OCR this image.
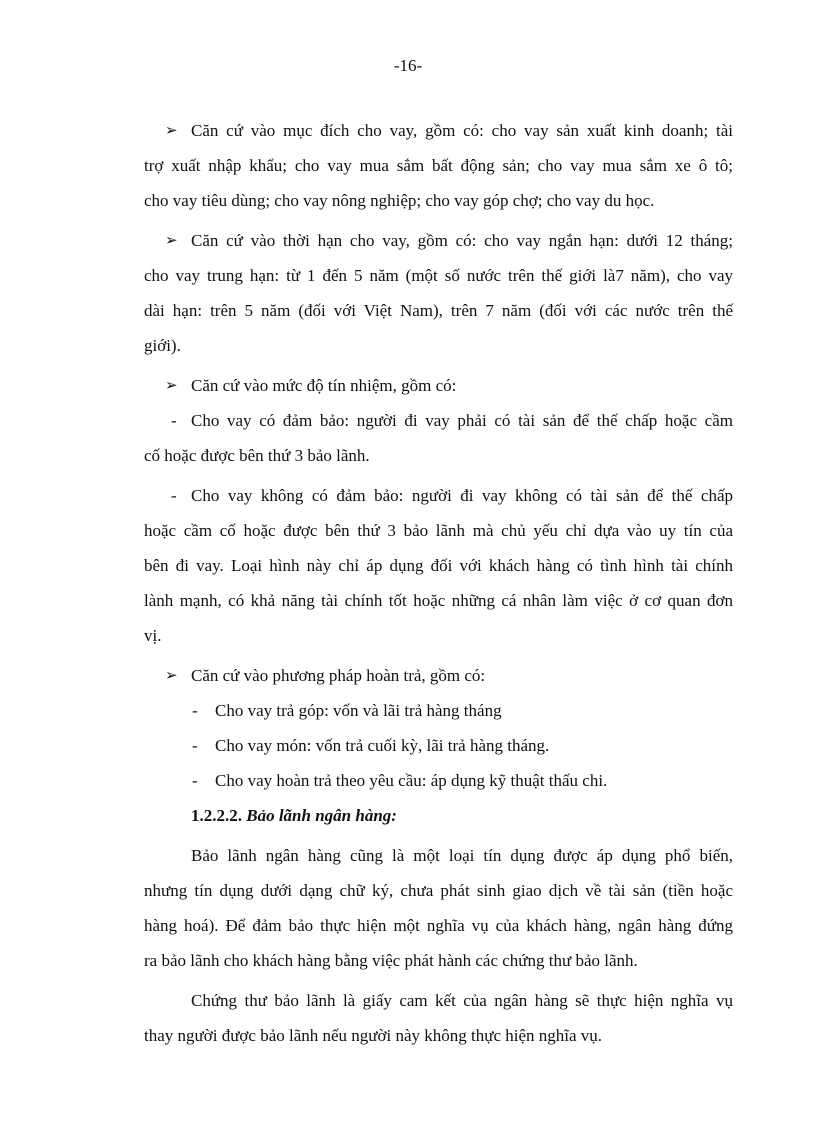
-16-
➢ Căn cứ vào mục đích cho vay, gồm có: cho vay sản xuất kinh doanh; tài
trợ xuất nhập khẩu; cho vay mua sắm bất động sản; cho vay mua sắm xe ô tô;
cho vay tiêu dùng; cho vay nông nghiệp; cho vay góp chợ; cho vay du học.
➢ Căn cứ vào thời hạn cho vay, gồm có: cho vay ngắn hạn: dưới 12 tháng;
cho vay trung hạn: từ 1 đến 5 năm (một số nước trên thế giới là7 năm), cho vay
dài hạn: trên 5 năm (đối với Việt Nam), trên 7 năm (đối với các nước trên thế
giới).
➢ Căn cứ vào mức độ tín nhiệm, gồm có:
- Cho vay có đảm bảo: người đi vay phải có tài sản để thế chấp hoặc cầm
cố hoặc được bên thứ 3 bảo lãnh.
- Cho vay không có đảm bảo: người đi vay không có tài sản để thế chấp
hoặc cầm cố hoặc được bên thứ 3 bảo lãnh mà chủ yếu chỉ dựa vào uy tín của
bên đi vay. Loại hình này chỉ áp dụng đối với khách hàng có tình hình tài chính
lành mạnh, có khả năng tài chính tốt hoặc những cá nhân làm việc ở cơ quan đơn
vị.
➢ Căn cứ vào phương pháp hoàn trả, gồm có:
- Cho vay trả góp: vốn và lãi trả hàng tháng
- Cho vay món: vốn trả cuối kỳ, lãi trả hàng tháng.
- Cho vay hoàn trả theo yêu cầu: áp dụng kỹ thuật thấu chi.
1.2.2.2. Bảo lãnh ngân hàng:
Bảo lãnh ngân hàng cũng là một loại tín dụng được áp dụng phổ biến,
nhưng tín dụng dưới dạng chữ ký, chưa phát sinh giao dịch về tài sản (tiền hoặc
hàng hoá). Để đảm bảo thực hiện một nghĩa vụ của khách hàng, ngân hàng đứng
ra bảo lãnh cho khách hàng bằng việc phát hành các chứng thư bảo lãnh.
Chứng thư bảo lãnh là giấy cam kết của ngân hàng sẽ thực hiện nghĩa vụ
thay người được bảo lãnh nếu người này không thực hiện nghĩa vụ.
